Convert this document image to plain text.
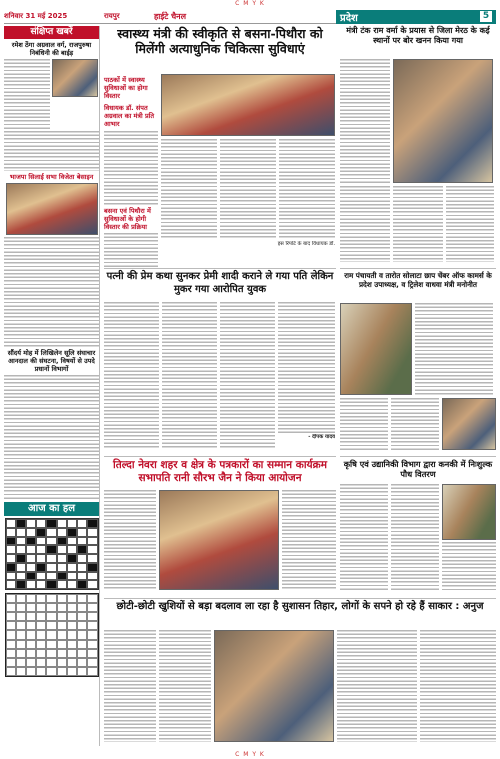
C M Y K
शनिवार 31 मई 2025	रायपुर	हाईटे चैनल	प्रदेश	5
संक्षिप्त खबरें
रमेश ठेंगा अग्रवाल वर्ग, राजपुरुषा निबंधिनी की बाईड़
भाजपा सिलाई सभा विजेता बेसाइन
सौंदर्य मोह में लिखिलेन सूलि संघाचार आनदाल की संघटना, विषयों से उपदे प्रधानों विभागों
आज का हल
स्वास्थ्य मंत्री की स्वीकृति से बसना-पिथौरा को मिलेंगी अत्याधुनिक चिकित्सा सुविधाएं
पाठकों में स्वास्थ्य सुविधाओं का होगा विस्तार
विधायक डॉ. संपत अग्रवाल का मंत्री प्रति आभार
बसना एवं पिथौरा में सुविधाओं के होगी विस्तार की प्रक्रिया
इस रिपोर्ट के बाद विधायक डॉ.
मंत्री टंक राम वर्मा के प्रयास से जिला मेरठ के कई स्थानों पर बोर खनन किया गया
पत्नी की प्रेम कथा सुनकर प्रेमी शादी कराने ले गया पति लेकिन मुकर गया आरोपित युवक
- दीपक यादव
राम पंचायती व तारोत सोलाटा छाप चेंबर ऑफ कामर्स के प्रदेश उपाध्यक्ष, व ट्रिलेश वाधवा मंत्री मनोनीत
तिल्दा नेवरा शहर व क्षेत्र के पत्रकारों का सम्मान कार्यक्रम सभापति रानी सौरभ जैन ने किया आयोजन
कृषि एवं उद्यानिकी विभाग द्वारा कनकी में निःशुल्क पौध वितरण
छोटी-छोटी खुशियों से बड़ा बदलाव ला रहा है सुशासन तिहार, लोगों के सपने हो रहे हैं साकार : अनुज
C M Y K
